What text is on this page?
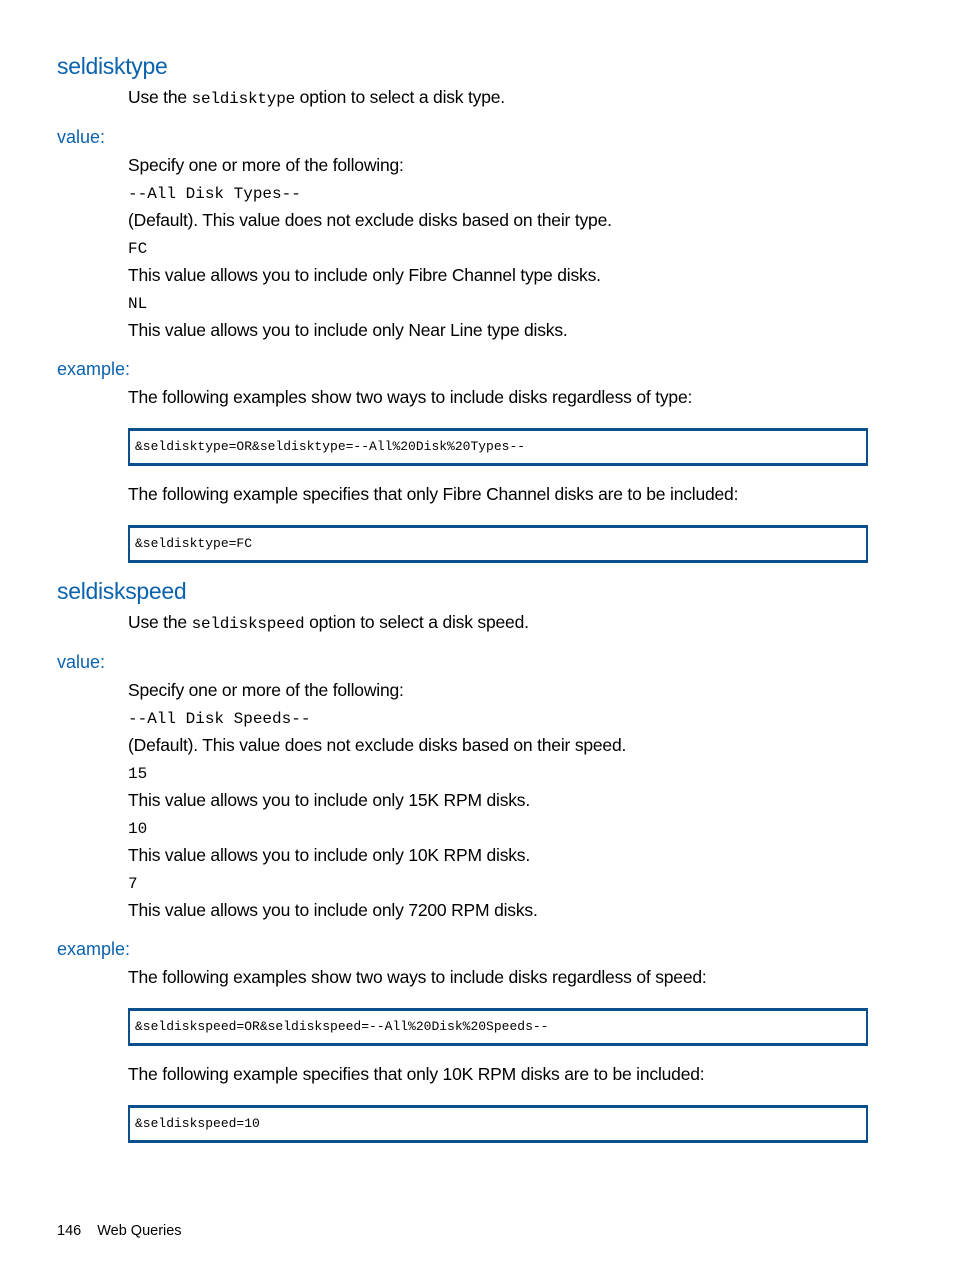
seldisktype
Use the seldisktype option to select a disk type.
value:
Specify one or more of the following:
--All Disk Types--
(Default). This value does not exclude disks based on their type.
FC
This value allows you to include only Fibre Channel type disks.
NL
This value allows you to include only Near Line type disks.
example:
The following examples show two ways to include disks regardless of type:
&seldisktype=OR&seldisktype=--All%20Disk%20Types--
The following example specifies that only Fibre Channel disks are to be included:
&seldisktype=FC
seldiskspeed
Use the seldiskspeed option to select a disk speed.
value:
Specify one or more of the following:
--All Disk Speeds--
(Default). This value does not exclude disks based on their speed.
15
This value allows you to include only 15K RPM disks.
10
This value allows you to include only 10K RPM disks.
7
This value allows you to include only 7200 RPM disks.
example:
The following examples show two ways to include disks regardless of speed:
&seldiskspeed=OR&seldiskspeed=--All%20Disk%20Speeds--
The following example specifies that only 10K RPM disks are to be included:
&seldiskspeed=10
146 Web Queries
